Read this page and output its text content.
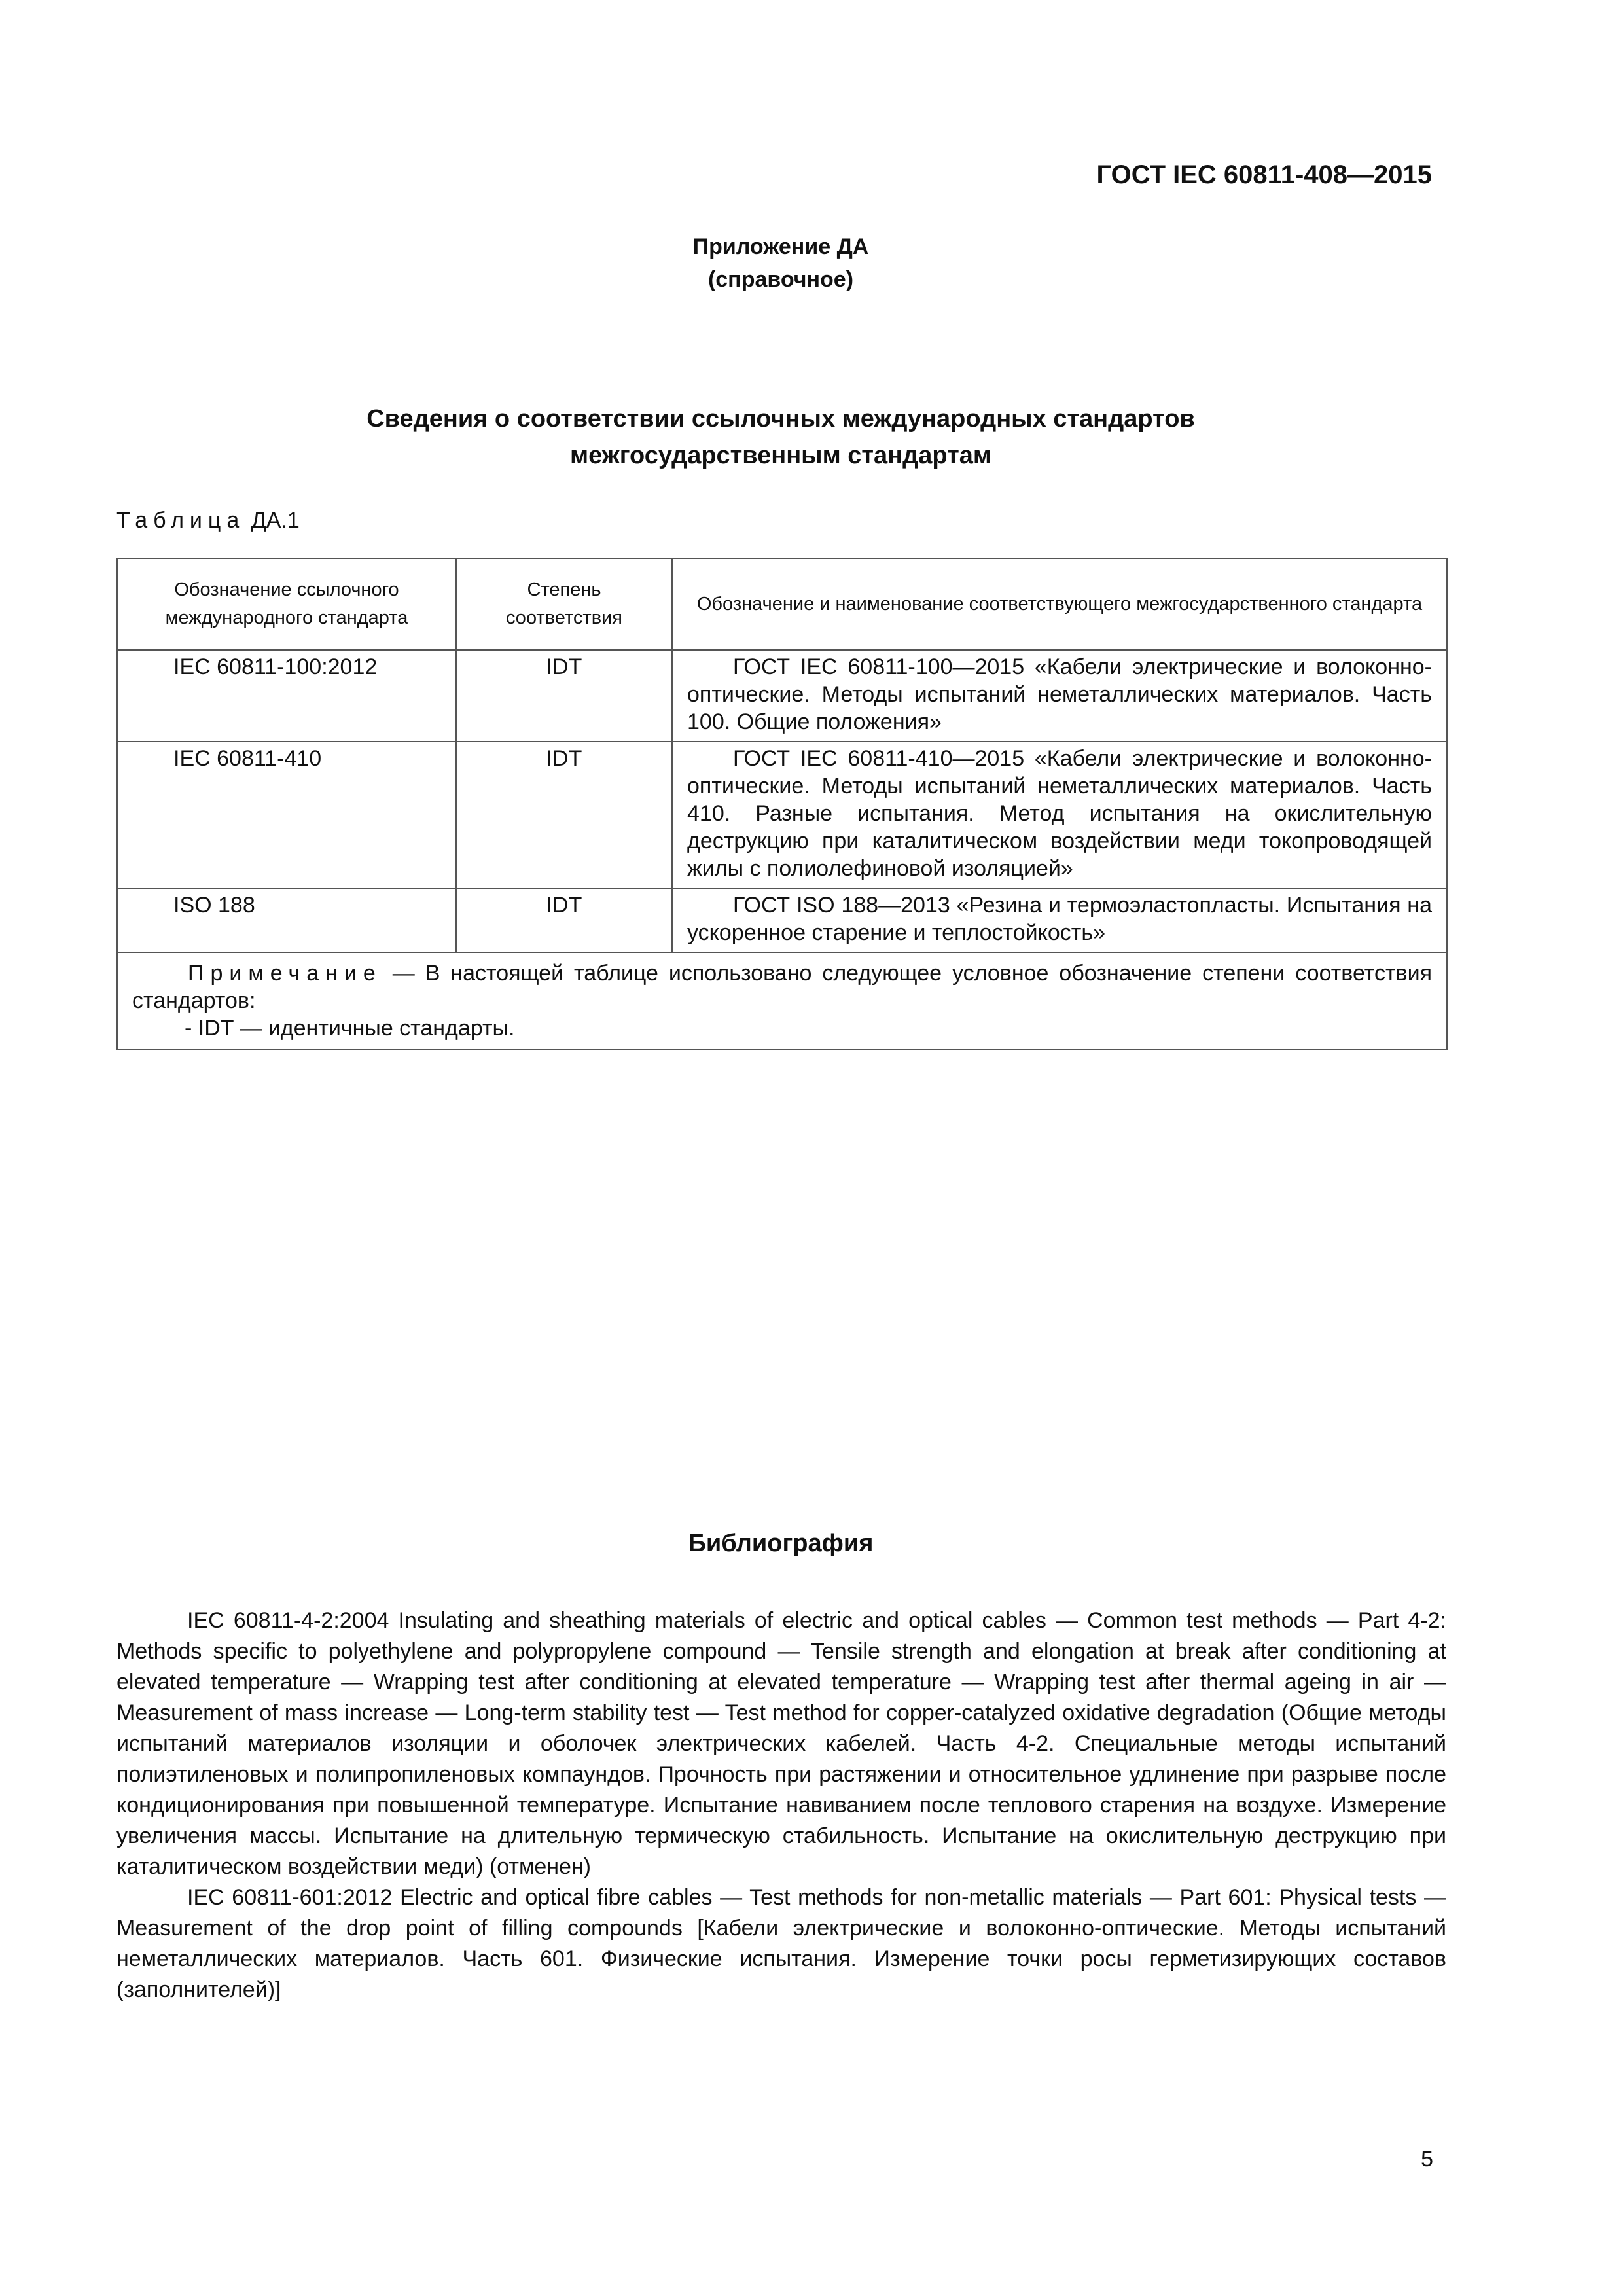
ГОСТ IEC 60811-408—2015
Приложение ДА
(справочное)
Сведения о соответствии ссылочных международных стандартов
межгосударственным стандартам
Таблица ДА.1
Обозначение ссылочного международного стандарта	Степень соответствия	Обозначение и наименование соответствующего межгосударственного стандарта
IEC 60811-100:2012	IDT	ГОСТ IEC 60811-100—2015 «Кабели электрические и волоконно-оптические. Методы испытаний неметаллических материалов. Часть 100. Общие положения»
IEC 60811-410	IDT	ГОСТ IEC 60811-410—2015 «Кабели электрические и волоконно-оптические. Методы испытаний неметаллических материалов. Часть 410. Разные испытания. Метод испытания на окислительную деструкцию при каталитическом воздействии меди токопроводящей жилы с полиолефиновой изоляцией»
ISO 188	IDT	ГОСТ ISO 188—2013 «Резина и термоэластопласты. Испытания на ускоренное старение и теплостойкость»

Примечание — В настоящей таблице использовано следующее условное обозначение степени соответствия стандартов:

- IDT — идентичные стандарты.		

Библиография

IEC 60811-4-2:2004 Insulating and sheathing materials of electric and optical cables — Common test methods — Part 4-2: Methods specific to polyethylene and polypropylene compound — Tensile strength and elongation at break after conditioning at elevated temperature — Wrapping test after conditioning at elevated temperature — Wrapping test after thermal ageing in air — Measurement of mass increase — Long-term stability test — Test method for copper-catalyzed oxidative degradation (Общие методы испытаний материалов изоляции и оболочек электрических кабелей. Часть 4-2. Специальные методы испытаний полиэтиленовых и полипропиленовых компаундов. Прочность при растяжении и относительное удлинение при разрыве после кондиционирования при повышенной температуре. Испытание навиванием после теплового старения на воздухе. Измерение увеличения массы. Испытание на длительную термическую стабильность. Испытание на окислительную деструкцию при каталитическом воздействии меди) (отменен)

IEC 60811-601:2012 Electric and optical fibre cables — Test methods for non-metallic materials — Part 601: Physical tests — Measurement of the drop point of filling compounds [Кабели электрические и волоконно-оптические. Методы испытаний неметаллических материалов. Часть 601. Физические испытания. Измерение точки росы герметизирующих составов (заполнителей)]

5
